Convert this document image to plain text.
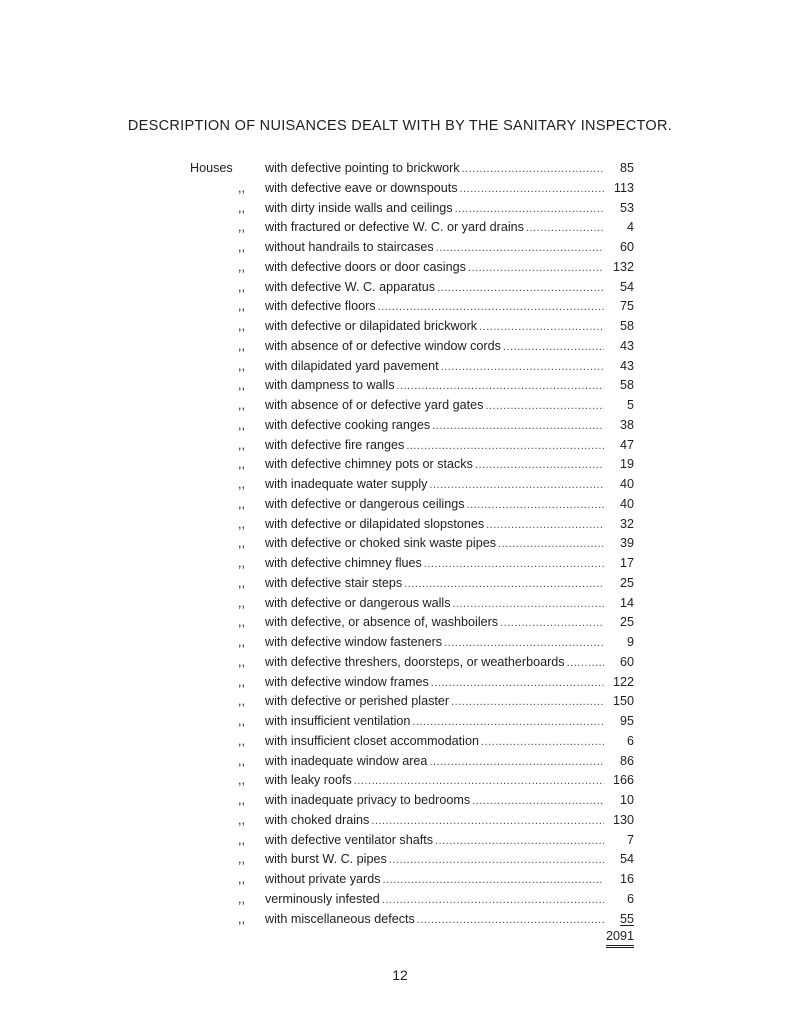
DESCRIPTION OF NUISANCES DEALT WITH BY THE SANITARY INSPECTOR.
Houses	with defective pointing to brickwork .....	85
,,	with defective eave or downspouts .....	113
,,	with dirty inside walls and ceilings .....	53
,,	with fractured or defective W. C. or yard drains .....	4
,,	without handrails to staircases .....	60
,,	with defective doors or door casings .....	132
,,	with defective W. C. apparatus .....	54
,,	with defective floors .....	75
,,	with defective or dilapidated brickwork .....	58
,,	with absence of or defective window cords .....	43
,,	with dilapidated yard pavement .....	43
,,	with dampness to walls .....	58
,,	with absence of or defective yard gates .....	5
,,	with defective cooking ranges .....	38
,,	with defective fire ranges .....	47
,,	with defective chimney pots or stacks .....	19
,,	with inadequate water supply .....	40
,,	with defective or dangerous ceilings .....	40
,,	with defective or dilapidated slopstones .....	32
,,	with defective or choked sink waste pipes .....	39
,,	with defective chimney flues .....	17
,,	with defective stair steps .....	25
,,	with defective or dangerous walls .....	14
,,	with defective, or absence of, washboilers .....	25
,,	with defective window fasteners .....	9
,,	with defective threshers, doorsteps, or weatherboards .....	60
,,	with defective window frames .....	122
,,	with defective or perished plaster .....	150
,,	with insufficient ventilation .....	95
,,	with insufficient closet accommodation .....	6
,,	with inadequate window area .....	86
,,	with leaky roofs .....	166
,,	with inadequate privacy to bedrooms .....	10
,,	with choked drains .....	130
,,	with defective ventilator shafts .....	7
,,	with burst W. C. pipes .....	54
,,	without private yards .....	16
,,	verminously infested .....	6
,,	with miscellaneous defects .....	55
2091
12
